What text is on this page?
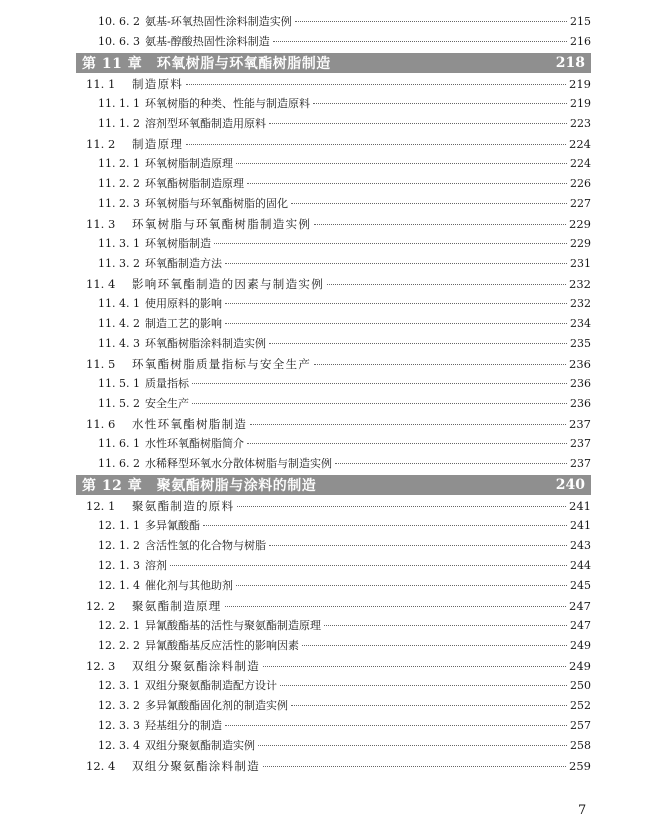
10. 6. 2 氨基-环氧热固性涂料制造实例	215
10. 6. 3 氨基-醇酸热固性涂料制造	216
第 11 章　环氧树脂与环氧酯树脂制造	218
11. 1	制造原料	219
11. 1. 1 环氧树脂的种类、性能与制造原料	219
11. 1. 2 溶剂型环氧酯制造用原料	223
11. 2	制造原理	224
11. 2. 1 环氧树脂制造原理	224
11. 2. 2 环氧酯树脂制造原理	226
11. 2. 3 环氧树脂与环氧酯树脂的固化	227
11. 3	环氧树脂与环氧酯树脂制造实例	229
11. 3. 1 环氧树脂制造	229
11. 3. 2 环氧酯制造方法	231
11. 4	影响环氧酯制造的因素与制造实例	232
11. 4. 1 使用原料的影响	232
11. 4. 2 制造工艺的影响	234
11. 4. 3 环氧酯树脂涂料制造实例	235
11. 5	环氧酯树脂质量指标与安全生产	236
11. 5. 1 质量指标	236
11. 5. 2 安全生产	236
11. 6	水性环氧酯树脂制造	237
11. 6. 1 水性环氧酯树脂简介	237
11. 6. 2 水稀释型环氧水分散体树脂与制造实例	237
第 12 章　聚氨酯树脂与涂料的制造	240
12. 1	聚氨酯制造的原料	241
12. 1. 1 多异氰酸酯	241
12. 1. 2 含活性氢的化合物与树脂	243
12. 1. 3 溶剂	244
12. 1. 4 催化剂与其他助剂	245
12. 2	聚氨酯制造原理	247
12. 2. 1 异氰酸酯基的活性与聚氨酯制造原理	247
12. 2. 2 异氰酸酯基反应活性的影响因素	249
12. 3	双组分聚氨酯涂料制造	249
12. 3. 1 双组分聚氨酯制造配方设计	250
12. 3. 2 多异氰酸酯固化剂的制造实例	252
12. 3. 3 羟基组分的制造	257
12. 3. 4 双组分聚氨酯制造实例	258
12. 4	双组分聚氨酯涂料制造	259
7
